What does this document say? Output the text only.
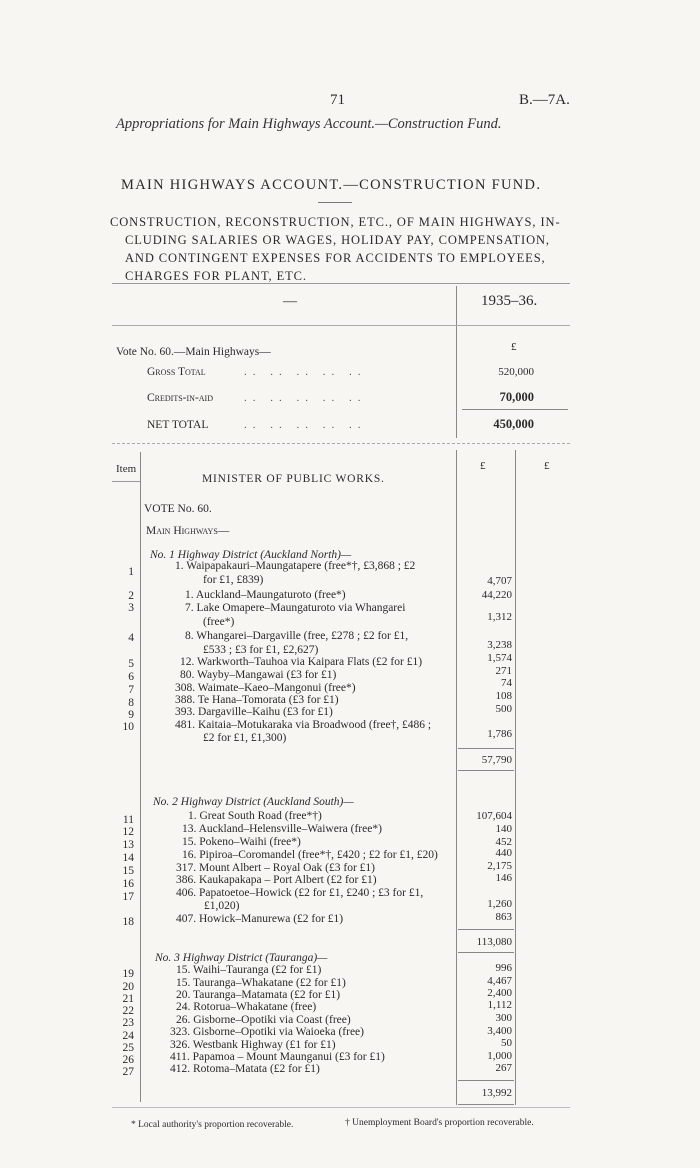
71	B.—7A.
Appropriations for Main Highways Account.—Construction Fund.
MAIN HIGHWAYS ACCOUNT.—CONSTRUCTION FUND.
CONSTRUCTION, RECONSTRUCTION, ETC., OF MAIN HIGHWAYS, IN-
CLUDING SALARIES OR WAGES, HOLIDAY PAY, COMPENSATION,
AND CONTINGENT EXPENSES FOR ACCIDENTS TO EMPLOYEES,
CHARGES FOR PLANT, ETC.
—	1935–36.
Vote No. 60.—Main Highways—	£
Gross Total	.. .. .. .. ..	520,000
Credits-in-aid	.. .. .. .. ..	70,000
NET TOTAL	.. .. .. .. ..	450,000
Item	£	£
MINISTER OF PUBLIC WORKS.
VOTE No. 60.
Main Highways—
No. 1 Highway District (Auckland North)—
1	1. Waipapakauri–Maungatapere (free*†, £3,868 ; £2
for £1, £839)	4,707
2	1. Auckland–Maungaturoto (free*)	44,220
3	7. Lake Omapere–Maungaturoto via Whangarei
(free*)	1,312
4	8. Whangarei–Dargaville (free, £278 ; £2 for £1,
£533 ; £3 for £1, £2,627)	3,238
5	12. Warkworth–Tauhoa via Kaipara Flats (£2 for £1)	1,574
6	80. Wayby–Mangawai (£3 for £1)	271
7	308. Waimate–Kaeo–Mangonui (free*)	74
8	388. Te Hana–Tomorata (£3 for £1)	108
9	393. Dargaville–Kaihu (£3 for £1)	500
10	481. Kaitaia–Motukaraka via Broadwood (free†, £486 ;
£2 for £1, £1,300)	1,786
57,790
No. 2 Highway District (Auckland South)—
11	1. Great South Road (free*†)	107,604
12	13. Auckland–Helensville–Waiwera (free*)	140
13	15. Pokeno–Waihi (free*)	452
14	16. Pipiroa–Coromandel (free*†, £420 ; £2 for £1, £20)	440
15	317. Mount Albert – Royal Oak (£3 for £1)	2,175
16	386. Kaukapakapa – Port Albert (£2 for £1)	146
17	406. Papatoetoe–Howick (£2 for £1, £240 ; £3 for £1,
£1,020)	1,260
18	407. Howick–Manurewa (£2 for £1)	863
113,080
No. 3 Highway District (Tauranga)—
19	15. Waihi–Tauranga (£2 for £1)	996
20	15. Tauranga–Whakatane (£2 for £1)	4,467
21	20. Tauranga–Matamata (£2 for £1)	2,400
22	24. Rotorua–Whakatane (free)	1,112
23	26. Gisborne–Opotiki via Coast (free)	300
24	323. Gisborne–Opotiki via Waioeka (free)	3,400
25	326. Westbank Highway (£1 for £1)	50
26	411. Papamoa – Mount Maunganui (£3 for £1)	1,000
27	412. Rotoma–Matata (£2 for £1)	267
13,992
* Local authority's proportion recoverable.	† Unemployment Board's proportion recoverable.
